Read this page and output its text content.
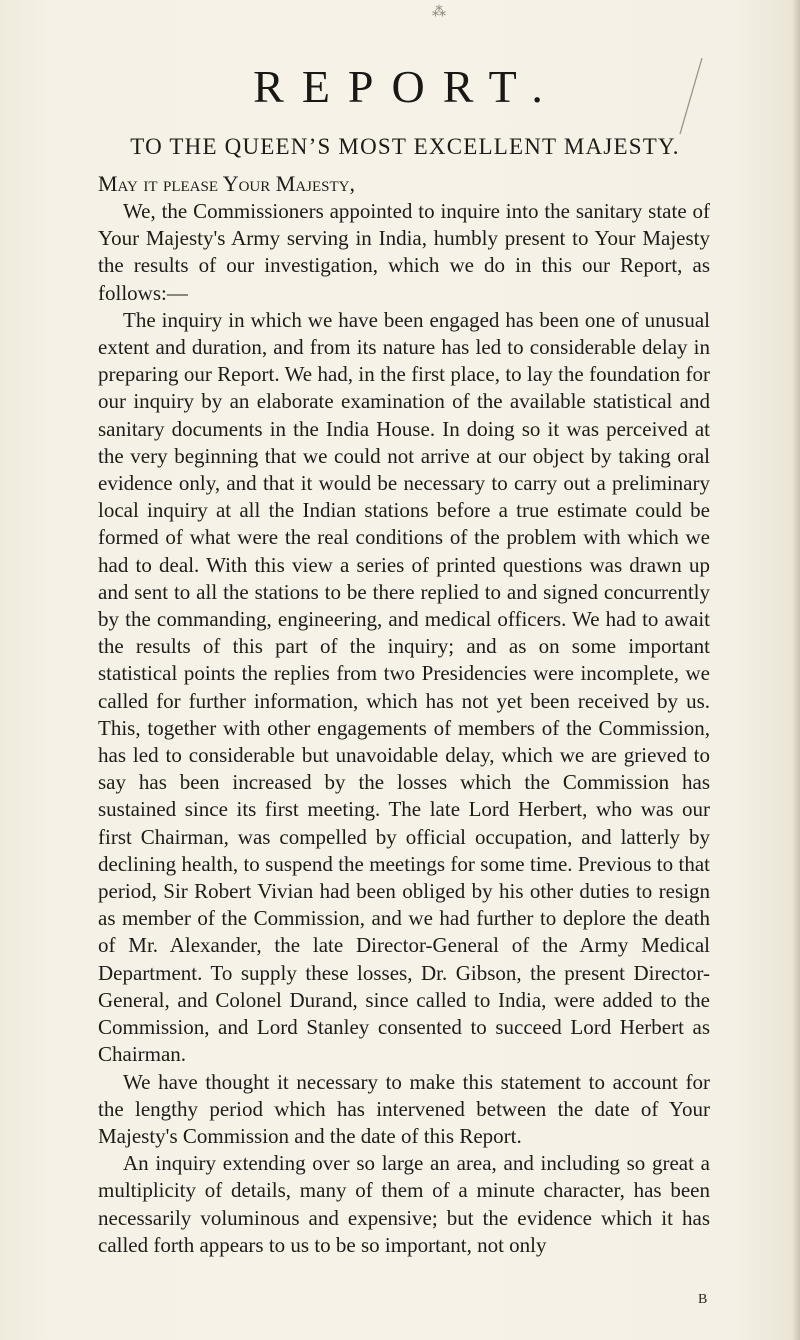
⁂
REPORT.
TO THE QUEEN’S MOST EXCELLENT MAJESTY.
May it please Your Majesty,

We, the Commissioners appointed to inquire into the sanitary state of Your Majesty's Army serving in India, humbly present to Your Majesty the results of our investigation, which we do in this our Report, as follows:—

The inquiry in which we have been engaged has been one of unusual extent and duration, and from its nature has led to considerable delay in preparing our Report. We had, in the first place, to lay the foundation for our inquiry by an elaborate examination of the available statistical and sanitary documents in the India House. In doing so it was perceived at the very beginning that we could not arrive at our object by taking oral evidence only, and that it would be necessary to carry out a preliminary local inquiry at all the Indian stations before a true estimate could be formed of what were the real conditions of the problem with which we had to deal. With this view a series of printed questions was drawn up and sent to all the stations to be there replied to and signed concurrently by the commanding, engineering, and medical officers. We had to await the results of this part of the inquiry; and as on some important statistical points the replies from two Presidencies were incomplete, we called for further information, which has not yet been received by us. This, together with other engagements of members of the Commission, has led to considerable but unavoidable delay, which we are grieved to say has been increased by the losses which the Commission has sustained since its first meeting. The late Lord Herbert, who was our first Chairman, was compelled by official occupation, and latterly by declining health, to suspend the meetings for some time. Previous to that period, Sir Robert Vivian had been obliged by his other duties to resign as member of the Commission, and we had further to deplore the death of Mr. Alexander, the late Director-General of the Army Medical Department. To supply these losses, Dr. Gibson, the present Director-General, and Colonel Durand, since called to India, were added to the Commission, and Lord Stanley consented to succeed Lord Herbert as Chairman.

We have thought it necessary to make this statement to account for the lengthy period which has intervened between the date of Your Majesty's Commission and the date of this Report.

An inquiry extending over so large an area, and including so great a multiplicity of details, many of them of a minute character, has been necessarily voluminous and expensive; but the evidence which it has called forth appears to us to be so important, not only

B
